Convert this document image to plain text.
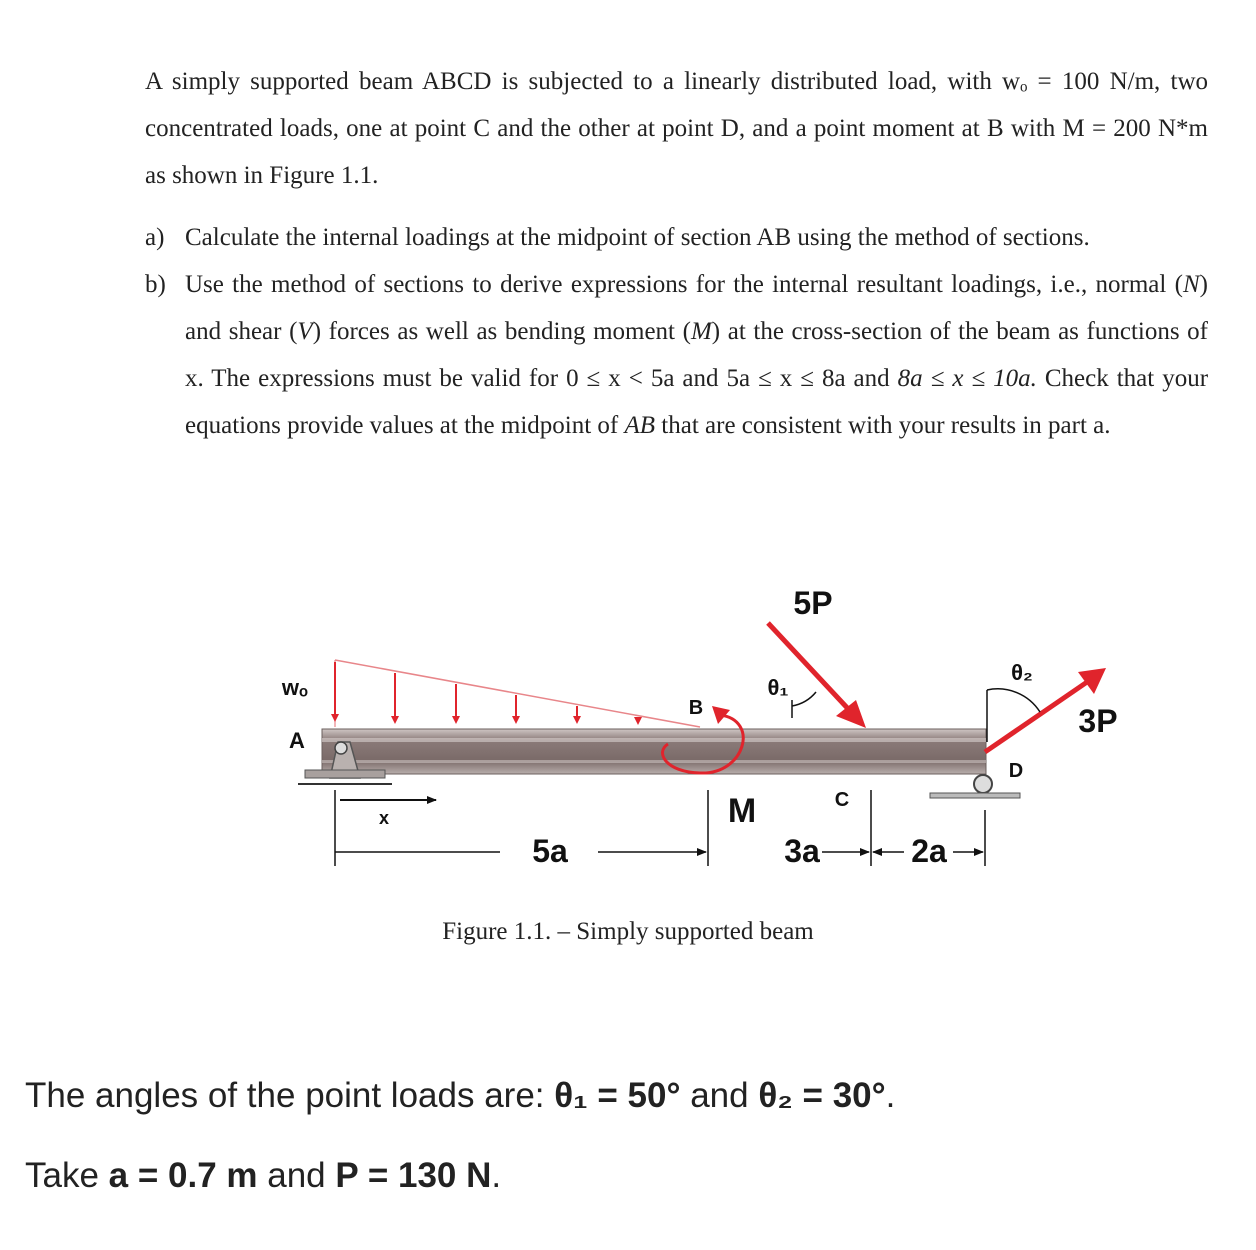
A simply supported beam ABCD is subjected to a linearly distributed load, with wₒ = 100 N/m, two concentrated loads, one at point C and the other at point D, and a point moment at B with M = 200 N*m as shown in Figure 1.1.

a) Calculate the internal loadings at the midpoint of section AB using the method of sections.
b) Use the method of sections to derive expressions for the internal resultant loadings, i.e., normal (N) and shear (V) forces as well as bending moment (M) at the cross-section of the beam as functions of x. The expressions must be valid for 0 ≤ x < 5a and 5a ≤ x ≤ 8a and 8a ≤ x ≤ 10a. Check that your equations provide values at the midpoint of AB that are consistent with your results in part a.
wₒ
A
B
C
D
M
x
5P
3P
θ₁
θ₂
5a	3a	2a
Figure 1.1. – Simply supported beam
The angles of the point loads are: θ₁ = 50° and θ₂ = 30°.
Take a = 0.7 m and P = 130 N.
